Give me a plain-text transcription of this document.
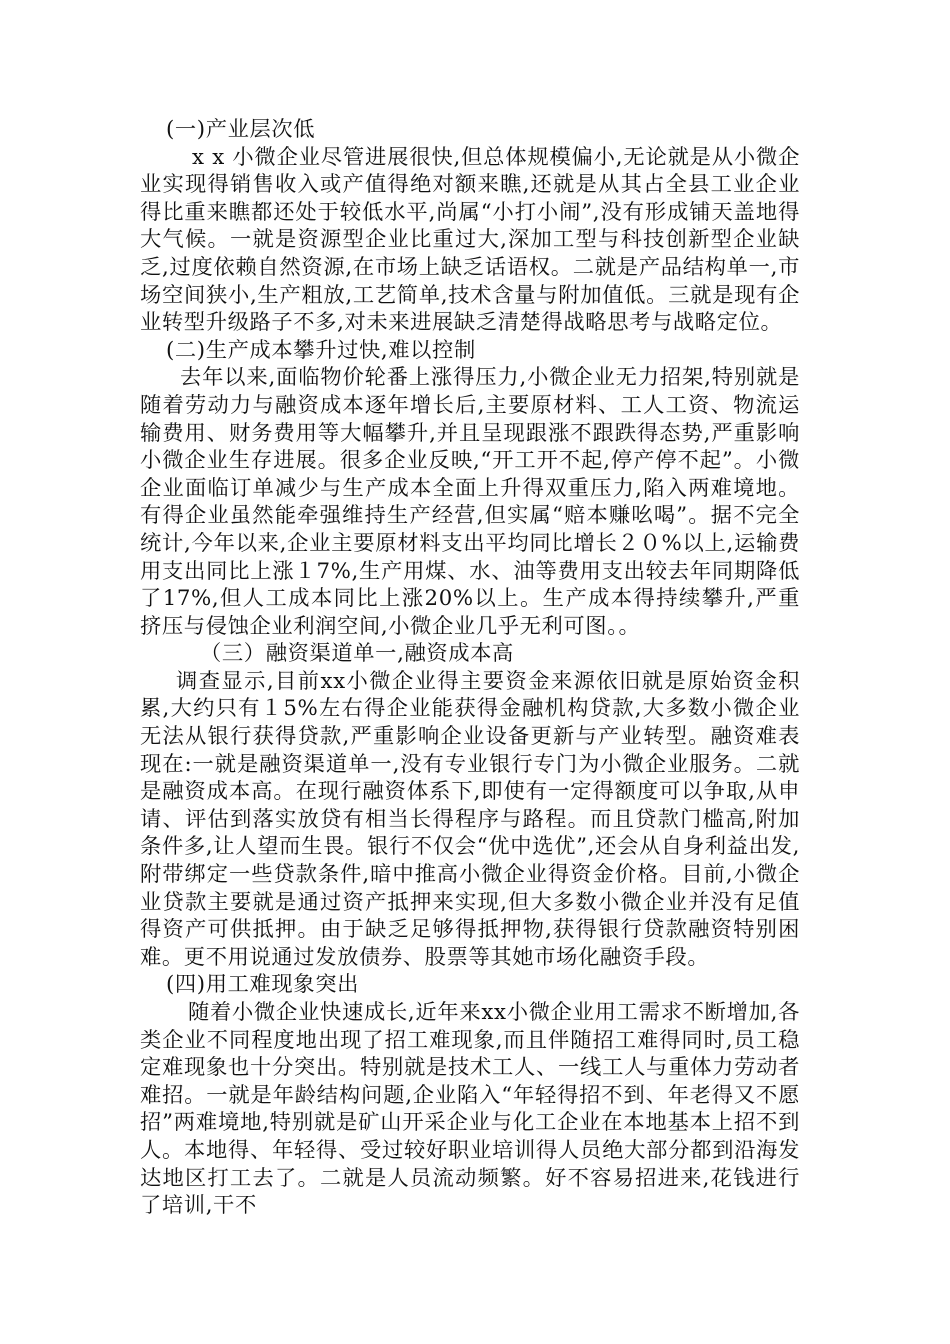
(一)产业层次低

x x 小微企业尽管进展很快,但总体规模偏小,无论就是从小微企业实现得销售收入或产值得绝对额来瞧,还就是从其占全县工业企业得比重来瞧都还处于较低水平,尚属“小打小闹”,没有形成铺天盖地得大气候。一就是资源型企业比重过大,深加工型与科技创新型企业缺乏,过度依赖自然资源,在市场上缺乏话语权。二就是产品结构单一,市场空间狭小,生产粗放,工艺简单,技术含量与附加值低。三就是现有企业转型升级路子不多,对未来进展缺乏清楚得战略思考与战略定位。

(二)生产成本攀升过快,难以控制

去年以来,面临物价轮番上涨得压力,小微企业无力招架,特别就是随着劳动力与融资成本逐年增长后,主要原材料、工人工资、物流运输费用、财务费用等大幅攀升,并且呈现跟涨不跟跌得态势,严重影响小微企业生存进展。很多企业反映,“开工开不起,停产停不起”。小微企业面临订单减少与生产成本全面上升得双重压力,陷入两难境地。有得企业虽然能牵强维持生产经营,但实属“赔本赚吆喝”。据不完全统计,今年以来,企业主要原材料支出平均同比增长２０%以上,运输费用支出同比上涨１7%,生产用煤、水、油等费用支出较去年同期降低了17%,但人工成本同比上涨20%以上。生产成本得持续攀升,严重挤压与侵蚀企业利润空间,小微企业几乎无利可图。。

（三）融资渠道单一,融资成本高

调查显示,目前xx小微企业得主要资金来源依旧就是原始资金积累,大约只有１5%左右得企业能获得金融机构贷款,大多数小微企业无法从银行获得贷款,严重影响企业设备更新与产业转型。融资难表现在:一就是融资渠道单一,没有专业银行专门为小微企业服务。二就是融资成本高。在现行融资体系下,即使有一定得额度可以争取,从申请、评估到落实放贷有相当长得程序与路程。而且贷款门槛高,附加条件多,让人望而生畏。银行不仅会“优中选优”,还会从自身利益出发,附带绑定一些贷款条件,暗中推高小微企业得资金价格。目前,小微企业贷款主要就是通过资产抵押来实现,但大多数小微企业并没有足值得资产可供抵押。由于缺乏足够得抵押物,获得银行贷款融资特别困难。更不用说通过发放债券、股票等其她市场化融资手段。

(四)用工难现象突出

随着小微企业快速成长,近年来xx小微企业用工需求不断增加,各类企业不同程度地出现了招工难现象,而且伴随招工难得同时,员工稳定难现象也十分突出。特别就是技术工人、一线工人与重体力劳动者难招。一就是年龄结构问题,企业陷入“年轻得招不到、年老得又不愿招”两难境地,特别就是矿山开采企业与化工企业在本地基本上招不到人。本地得、年轻得、受过较好职业培训得人员绝大部分都到沿海发达地区打工去了。二就是人员流动频繁。好不容易招进来,花钱进行了培训,干不
